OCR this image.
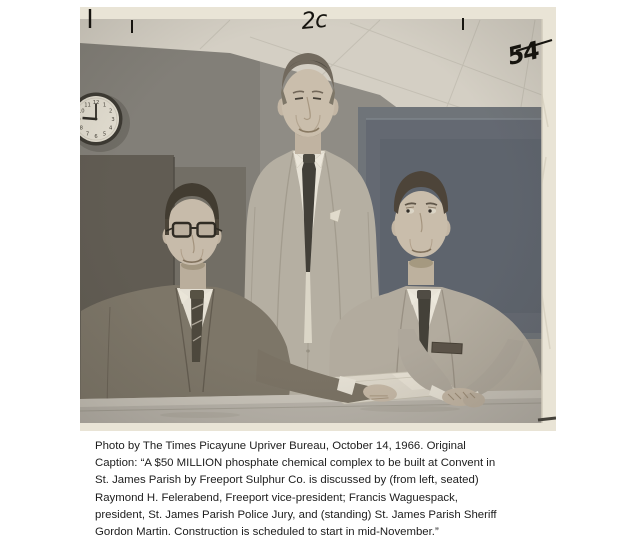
2c
54
Photo by The Times Picayune Upriver Bureau, October 14, 1966. Original
Caption: “A $50 MILLION phosphate chemical complex to be built at Convent in
St. James Parish by Freeport Sulphur Co. is discussed by (from left, seated)
Raymond H. Felerabend, Freeport vice-president; Francis Waguespack,
president, St. James Parish Police Jury, and (standing) St. James Parish Sheriff
Gordon Martin. Construction is scheduled to start in mid-November.”
